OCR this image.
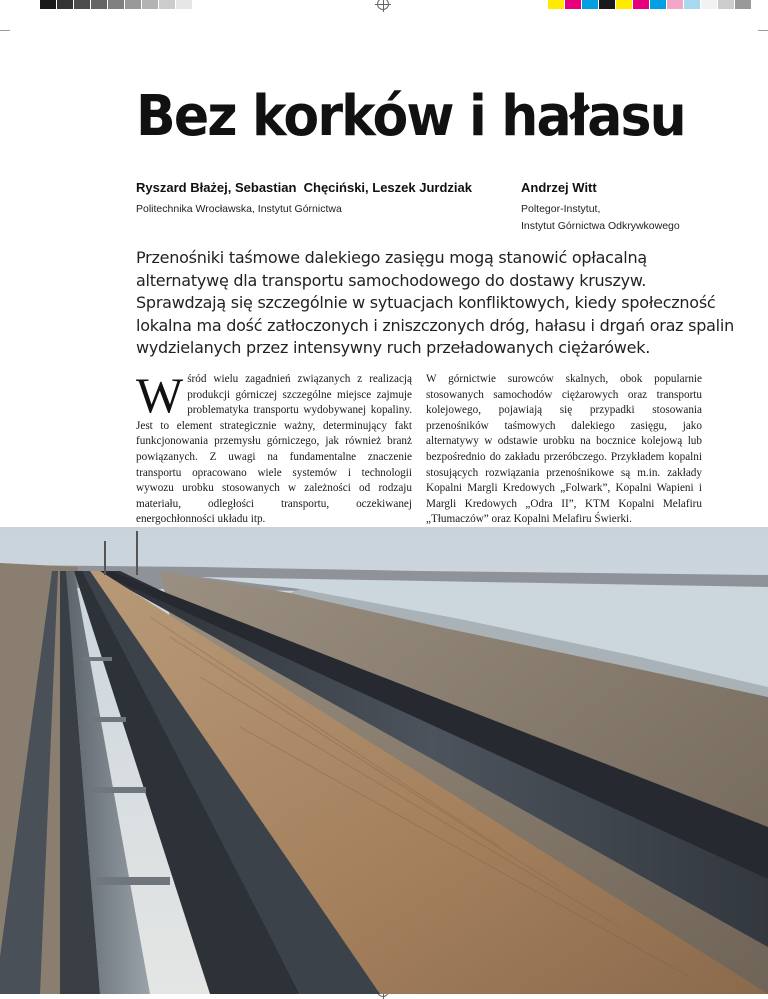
Bez korków i hałasu

Ryszard Błażej, Sebastian  Chęciński, Leszek Jurdziak

Politechnika Wrocławska, Instytut Górnictwa

Andrzej Witt

Poltegor-Instytut,
Instytut Górnictwa Odkrywkowego

Przenośniki taśmowe dalekiego zasięgu mogą stanowić opłacalną alternatywę dla transportu samochodowego do dostawy kruszyw. Sprawdzają się szczególnie w sytuacjach konfliktowych, kiedy społeczność lokalna ma dość zatłoczonych i zniszczonych dróg, hałasu i drgań oraz spalin wydzielanych przez intensywny ruch przeładowanych ciężarówek.

W śród wielu zagadnień związanych z realizacją produkcji górniczej szczególne miejsce zajmuje problematyka transportu wydobywanej kopaliny. Jest to element strategicznie ważny, determinujący fakt funkcjonowania przemysłu górniczego, jak również branż powiązanych. Z uwagi na fundamentalne znaczenie transportu opracowano wiele systemów i technologii wywozu urobku stosowanych w zależności od rodzaju materiału, odległości transportu, oczekiwanej energochłonności układu itp.

W górnictwie surowców skalnych, obok popularnie stosowanych samochodów ciężarowych oraz transportu kolejowego, pojawiają się przypadki stosowania przenośników taśmowych dalekiego zasięgu, jako alternatywy w odstawie urobku na bocznice kolejową lub bezpośrednio do zakładu przeróbczego. Przykładem kopalni stosujących rozwiązania przenośnikowe są m.in. zakłady Kopalni Margli Kredowych „Folwark”, Kopalni Wapieni i Margli Kredowych „Odra II”, KTM Kopalni Melafiru „Tłumaczów” oraz Kopalni Melafiru Świerki.
